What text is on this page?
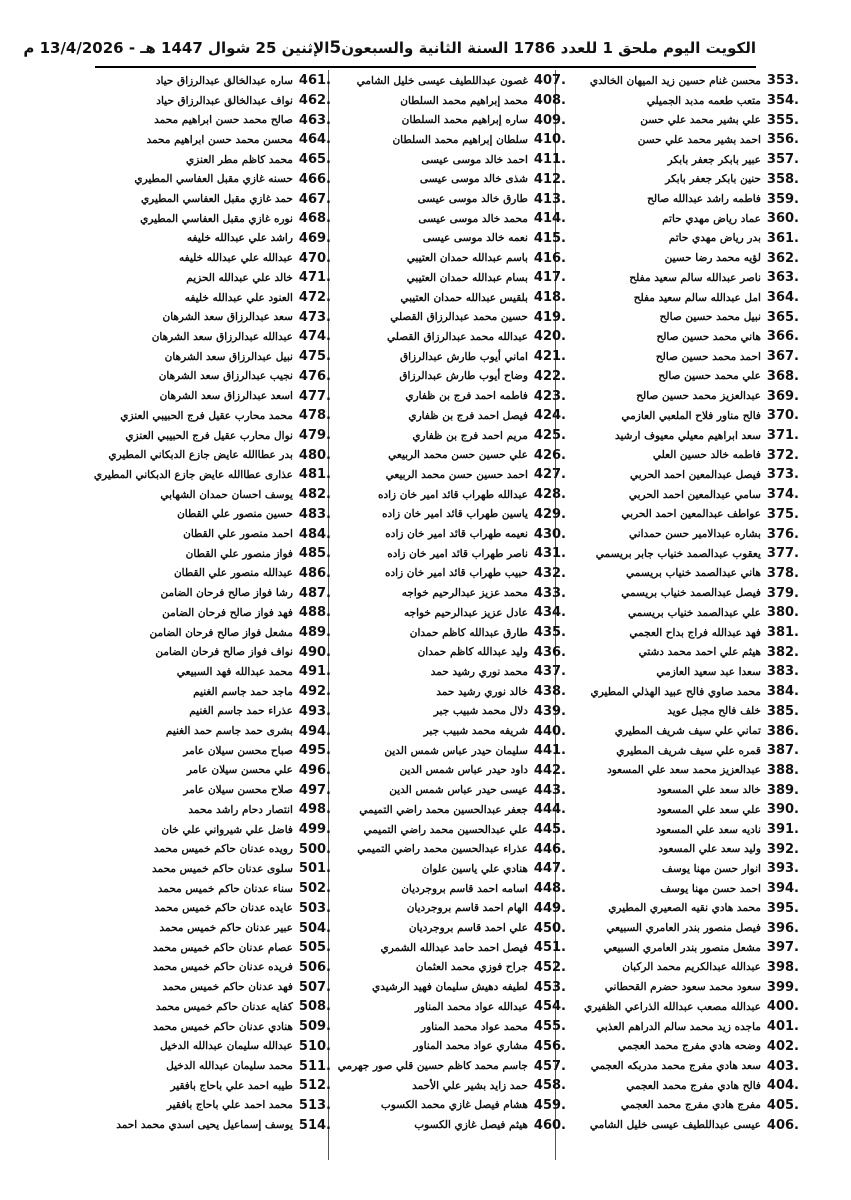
الكويت اليوم ملحق 1 للعدد 1786 السنة الثانية والسبعون
5
الإثنين 25 شوال 1447 هـ - 13/4/2026 م
353.
محسن غنام حسين زيد الميهان الخالدي
354.
متعب طعمه مدبد الجميلي
355.
علي بشير محمد علي حسن
356.
احمد بشير محمد علي حسن
357.
عبير بابكر جعفر بابكر
358.
حنين بابكر جعفر بابكر
359.
فاطمه راشد عبدالله صالح
360.
عماد رياض مهدي حاتم
361.
بدر رياض مهدي حاتم
362.
لؤيه محمد رضا حسين
363.
ناصر عبدالله سالم سعيد مفلح
364.
امل عبدالله سالم سعيد مفلح
365.
نبيل محمد حسين صالح
366.
هاني محمد حسين صالح
367.
احمد محمد حسين صالح
368.
علي محمد حسين صالح
369.
عبدالعزيز محمد حسين صالح
370.
فالح مناور فلاح الملعبي العازمي
371.
سعد ابراهيم معيلي معيوف ارشيد
372.
فاطمه خالد حسين العلي
373.
فيصل عبدالمعين احمد الحربي
374.
سامي عبدالمعين احمد الحربي
375.
عواطف عبدالمعين احمد الحربي
376.
بشاره عبدالامير حسن حمداني
377.
يعقوب عبدالصمد خنياب جابر بريسمي
378.
هاني عبدالصمد خنياب بريسمي
379.
فيصل عبدالصمد خنياب بريسمي
380.
علي عبدالصمد خنياب بريسمي
381.
فهد عبدالله فراج بداح العجمي
382.
هيثم علي احمد محمد دشتي
383.
سعدا عبد سعيد العازمي
384.
محمد صاوي فالح عبيد الهذلي المطيري
385.
خلف فالح مجبل عويد
386.
تماني علي سيف شريف المطيري
387.
قمره علي سيف شريف المطيري
388.
عبدالعزيز محمد سعد علي المسعود
389.
خالد سعد علي المسعود
390.
علي سعد علي المسعود
391.
ناديه سعد علي المسعود
392.
وليد سعد علي المسعود
393.
انوار حسن مهنا يوسف
394.
احمد حسن مهنا يوسف
395.
محمد هادي نقيه الصعيري المطيري
396.
فيصل منصور بندر العامري السبيعي
397.
مشعل منصور بندر العامري السبيعي
398.
عبدالله عبدالكريم محمد الركبان
399.
سعود محمد سعود حضرم القحطاني
400.
عبدالله مصعب عبدالله الذراعي الظفيري
401.
ماجده زيد محمد سالم الدراهم العذبي
402.
وضحه هادي مفرج محمد العجمي
403.
سعد هادي مفرج محمد مدربكه العجمي
404.
فالح هادي مفرج محمد العجمي
405.
مفرج هادي مفرج محمد العجمي
406.
عيسى عبداللطيف عيسى خليل الشامي
407.
غصون عبداللطيف عيسى خليل الشامي
408.
محمد إبراهيم محمد السلطان
409.
ساره إبراهيم محمد السلطان
410.
سلطان إبراهيم محمد السلطان
411.
احمد خالد موسى عيسى
412.
شذى خالد موسى عيسى
413.
طارق خالد موسى عيسى
414.
محمد خالد موسى عيسى
415.
نعمه خالد موسى عيسى
416.
باسم عبدالله حمدان العتيبي
417.
بسام عبدالله حمدان العتيبي
418.
بلقيس عبدالله حمدان العتيبي
419.
حسين محمد عبدالرزاق القصلي
420.
عبدالله محمد عبدالرزاق القصلي
421.
اماني أيوب طارش عبدالرزاق
422.
وضاح أيوب طارش عبدالرزاق
423.
فاطمه احمد فرج بن ظفاري
424.
فيصل احمد فرج بن ظفاري
425.
مريم احمد فرج بن ظفاري
426.
علي حسين حسن محمد الربيعي
427.
احمد حسين حسن محمد الربيعي
428.
عبدالله طهراب قائد امير خان زاده
429.
ياسين طهراب قائد امير خان زاده
430.
نعيمه طهراب قائد امير خان زاده
431.
ناصر طهراب قائد امير خان زاده
432.
حبيب طهراب قائد امير خان زاده
433.
محمد عزيز عبدالرحيم خواجه
434.
عادل عزيز عبدالرحيم خواجه
435.
طارق عبدالله كاظم حمدان
436.
وليد عبدالله كاظم حمدان
437.
محمد نوري رشيد حمد
438.
خالد نوري رشيد حمد
439.
دلال محمد شبيب جبر
440.
شريفه محمد شبيب جبر
441.
سليمان حيدر عباس شمس الدين
442.
داود حيدر عباس شمس الدين
443.
عيسى حيدر عباس شمس الدين
444.
جعفر عبدالحسين محمد راضي التميمي
445.
علي عبدالحسين محمد راضي التميمي
446.
عذراء عبدالحسين محمد راضي التميمي
447.
هنادي علي ياسين علوان
448.
اسامه احمد قاسم بروجرديان
449.
الهام احمد قاسم بروجرديان
450.
علي احمد قاسم بروجرديان
451.
فيصل احمد حامد عبدالله الشمري
452.
جراح فوزي محمد العثمان
453.
لطيفه دهيش سليمان فهيد الرشيدي
454.
عبدالله عواد محمد المناور
455.
محمد عواد محمد المناور
456.
مشاري عواد محمد المناور
457.
جاسم محمد كاظم حسين قلي صور جهرمي
458.
حمد زايد بشير علي الأحمد
459.
هشام فيصل غازي محمد الكسوب
460.
هيثم فيصل غازي الكسوب
461.
ساره عبدالخالق عبدالرزاق حياد
462.
نواف عبدالخالق عبدالرزاق حياد
463.
صالح محمد حسن ابراهيم محمد
464.
محسن محمد حسن ابراهيم محمد
465.
محمد كاظم مطر العنزي
466.
حسنه غازي مقبل العفاسي المطيري
467.
حمد غازي مقبل العفاسي المطيري
468.
نوره غازي مقبل العفاسي المطيري
469.
راشد علي عبدالله خليفه
470.
عبدالله علي عبدالله خليفه
471.
خالد علي عبدالله الحزيم
472.
العنود علي عبدالله خليفه
473.
سعد عبدالرزاق سعد الشرهان
474.
عبدالله عبدالرزاق سعد الشرهان
475.
نبيل عبدالرزاق سعد الشرهان
476.
نجيب عبدالرزاق سعد الشرهان
477.
اسعد عبدالرزاق سعد الشرهان
478.
محمد محارب عقيل فرج الحبيبي العنزي
479.
نوال محارب عقيل فرج الحبيبي العنزي
480.
بدر عطاالله عايض جازع الدبكاني المطيري
481.
عذارى عطاالله عايض جازع الدبكاني المطيري
482.
يوسف احسان حمدان الشهابي
483.
حسين منصور علي القطان
484.
احمد منصور علي القطان
485.
فواز منصور علي القطان
486.
عبدالله منصور علي القطان
487.
رشا فواز صالح فرحان الضامن
488.
فهد فواز صالح فرحان الضامن
489.
مشعل فواز صالح فرحان الضامن
490.
نواف فواز صالح فرحان الضامن
491.
محمد عبدالله فهد السبيعي
492.
ماجد حمد جاسم الغنيم
493.
عذراء حمد جاسم الغنيم
494.
بشرى حمد جاسم حمد الغنيم
495.
صباح محسن سيلان عامر
496.
علي محسن سيلان عامر
497.
صلاح محسن سيلان عامر
498.
انتصار دحام راشد محمد
499.
فاضل علي شيرواني علي خان
500.
رويده عدنان حاكم خميس محمد
501.
سلوى عدنان حاكم خميس محمد
502.
سناء عدنان حاكم خميس محمد
503.
عايده عدنان حاكم خميس محمد
504.
عبير عدنان حاكم خميس محمد
505.
عصام عدنان حاكم خميس محمد
506.
فريده عدنان حاكم خميس محمد
507.
فهد عدنان حاكم خميس محمد
508.
كفايه عدنان حاكم خميس محمد
509.
هنادي عدنان حاكم خميس محمد
510.
عبدالله سليمان عبدالله الدخيل
511.
محمد سليمان عبدالله الدخيل
512.
طيبه احمد علي باحاج بافقير
513.
محمد احمد علي باحاج بافقير
514.
يوسف إسماعيل يحيى اسدي محمد احمد
